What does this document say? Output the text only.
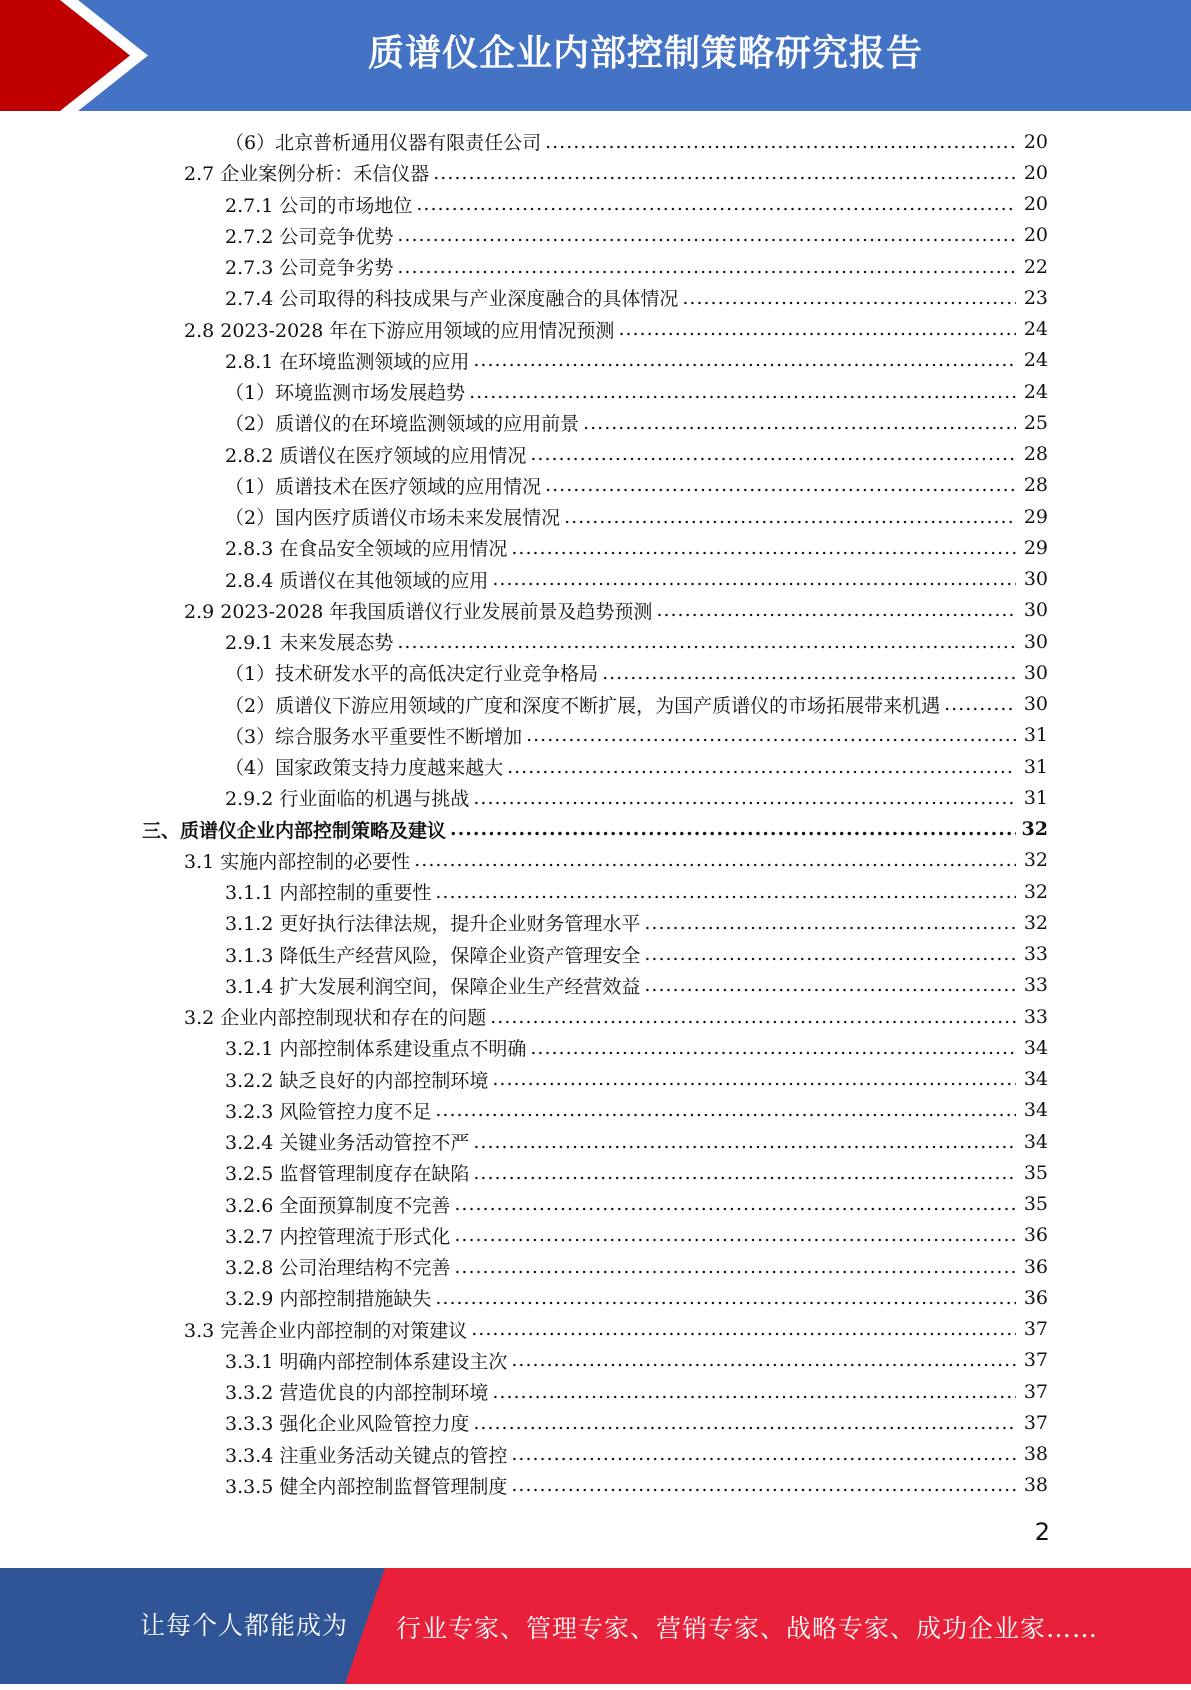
质谱仪企业内部控制策略研究报告
（6）北京普析通用仪器有限责任公司 .....	20
2.7 企业案例分析：禾信仪器 .....	20
2.7.1 公司的市场地位 .....	20
2.7.2 公司竞争优势 .....	20
2.7.3 公司竞争劣势 .....	22
2.7.4 公司取得的科技成果与产业深度融合的具体情况 .....	23
2.8 2023-2028 年在下游应用领域的应用情况预测 .....	24
2.8.1 在环境监测领域的应用 .....	24
（1）环境监测市场发展趋势 .....	24
（2）质谱仪的在环境监测领域的应用前景 .....	25
2.8.2 质谱仪在医疗领域的应用情况 .....	28
（1）质谱技术在医疗领域的应用情况 .....	28
（2）国内医疗质谱仪市场未来发展情况 .....	29
2.8.3 在食品安全领域的应用情况 .....	29
2.8.4 质谱仪在其他领域的应用 .....	30
2.9 2023-2028 年我国质谱仪行业发展前景及趋势预测 .....	30
2.9.1 未来发展态势 .....	30
（1）技术研发水平的高低决定行业竞争格局 .....	30
（2）质谱仪下游应用领域的广度和深度不断扩展，为国产质谱仪的市场拓展带来机遇 .....	30
（3）综合服务水平重要性不断增加 .....	31
（4）国家政策支持力度越来越大 .....	31
2.9.2 行业面临的机遇与挑战 .....	31
三、质谱仪企业内部控制策略及建议 .....	32
3.1 实施内部控制的必要性 .....	32
3.1.1 内部控制的重要性 .....	32
3.1.2 更好执行法律法规，提升企业财务管理水平 .....	32
3.1.3 降低生产经营风险，保障企业资产管理安全 .....	33
3.1.4 扩大发展利润空间，保障企业生产经营效益 .....	33
3.2 企业内部控制现状和存在的问题 .....	33
3.2.1 内部控制体系建设重点不明确 .....	34
3.2.2 缺乏良好的内部控制环境 .....	34
3.2.3 风险管控力度不足 .....	34
3.2.4 关键业务活动管控不严 .....	34
3.2.5 监督管理制度存在缺陷 .....	35
3.2.6 全面预算制度不完善 .....	35
3.2.7 内控管理流于形式化 .....	36
3.2.8 公司治理结构不完善 .....	36
3.2.9 内部控制措施缺失 .....	36
3.3 完善企业内部控制的对策建议 .....	37
3.3.1 明确内部控制体系建设主次 .....	37
3.3.2 营造优良的内部控制环境 .....	37
3.3.3 强化企业风险管控力度 .....	37
3.3.4 注重业务活动关键点的管控 .....	38
3.3.5 健全内部控制监督管理制度 .....	38
2
让每个人都能成为 行业专家、管理专家、营销专家、战略专家、成功企业家……
